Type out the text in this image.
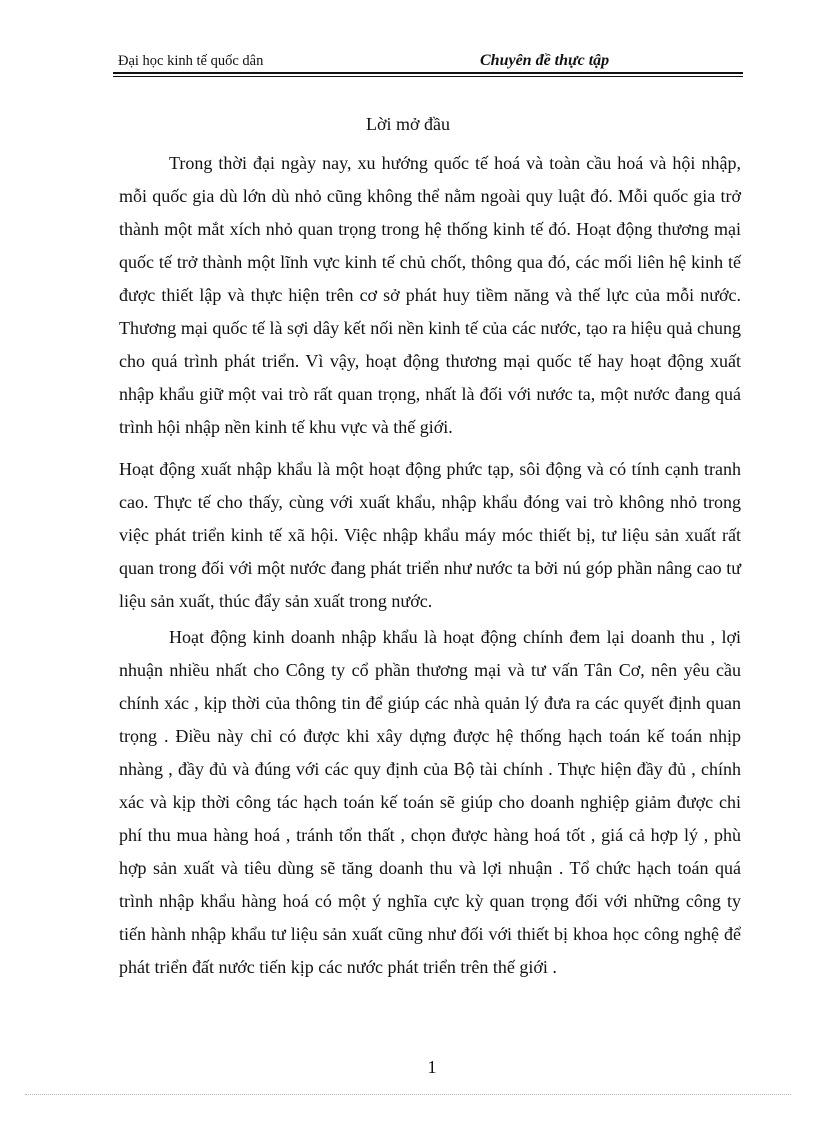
Đại học kinh tế quốc dân	Chuyên đề thực tập
Lời mở đầu

Trong thời đại ngày nay, xu hướng quốc tế hoá và toàn cầu hoá và hội nhập, mỗi quốc gia dù lớn dù nhỏ cũng không thể nằm ngoài quy luật đó. Mỗi quốc gia trở thành một mắt xích nhỏ quan trọng trong hệ thống kinh tế đó. Hoạt động thương mại quốc tế trở thành một lĩnh vực kinh tế chủ chốt, thông qua đó, các mối liên hệ kinh tế được thiết lập và thực hiện trên cơ sở phát huy tiềm năng và thế lực của mỗi nước. Thương mại quốc tế là sợi dây kết nối nền kinh tế của các nước, tạo ra hiệu quả chung cho quá trình phát triển. Vì vậy, hoạt động thương mại quốc tế hay hoạt động xuất nhập khẩu giữ một vai trò rất quan trọng, nhất là đối với nước ta, một nước đang quá trình hội nhập nền kinh tế khu vực và thế giới.

Hoạt động xuất nhập khẩu là một hoạt động phức tạp, sôi động và có tính cạnh tranh cao. Thực tế cho thấy, cùng với xuất khẩu, nhập khẩu đóng vai trò không nhỏ trong việc phát triển kinh tế xã hội. Việc nhập khẩu máy móc thiết bị, tư liệu sản xuất rất quan trong đối với một nước đang phát triển như nước ta bởi nú góp phần nâng cao tư liệu sản xuất, thúc đẩy sản xuất trong nước.

Hoạt động kinh doanh nhập khẩu là hoạt động chính đem lại doanh thu , lợi nhuận nhiều nhất cho Công ty cổ phần thương mại và tư vấn Tân Cơ, nên yêu cầu chính xác , kịp thời của thông tin để giúp các nhà quản lý đưa ra các quyết định quan trọng . Điều này chỉ có được khi xây dựng được hệ thống hạch toán kế toán nhịp nhàng , đầy đủ và đúng với các quy định của Bộ tài chính . Thực hiện đầy đủ , chính xác và kịp thời công tác hạch toán kế toán sẽ giúp cho doanh nghiệp giảm được chi phí thu mua hàng hoá , tránh tổn thất , chọn được hàng hoá tốt , giá cả hợp lý , phù hợp sản xuất và tiêu dùng sẽ tăng doanh thu và lợi nhuận . Tổ chức hạch toán quá trình nhập khẩu hàng hoá có một ý nghĩa cực kỳ quan trọng đối với những công ty tiến hành nhập khẩu tư liệu sản xuất cũng như đối với thiết bị khoa học công nghệ để phát triển đất nước tiến kịp các nước phát triển trên thế giới .

1
